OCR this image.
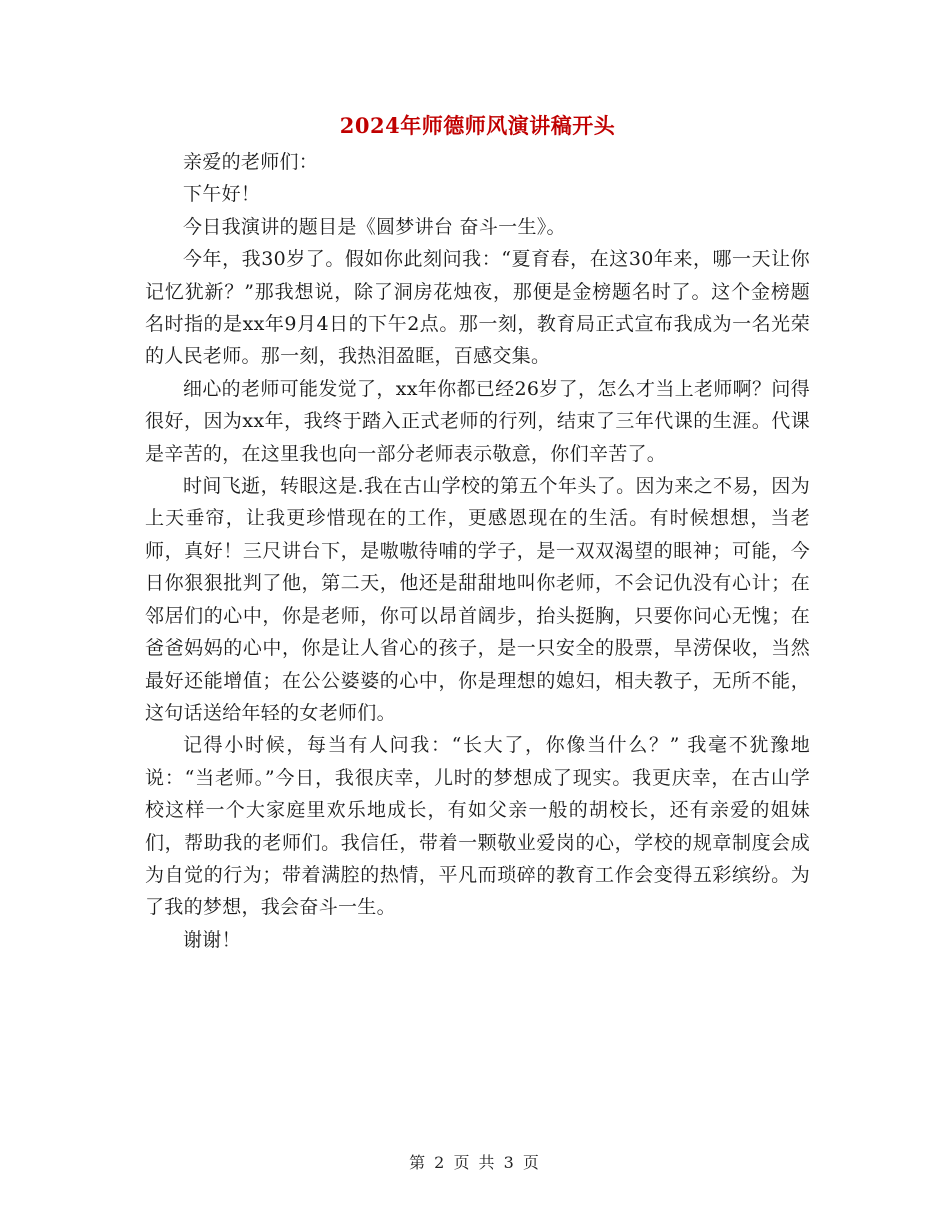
2024年师德师风演讲稿开头

亲爱的老师们：

下午好！

今日我演讲的题目是《圆梦讲台 奋斗一生》。

今年，我30岁了。假如你此刻问我：“夏育春，在这30年来，哪一天让你记忆犹新？”那我想说，除了洞房花烛夜，那便是金榜题名时了。这个金榜题名时指的是xx年9月4日的下午2点。那一刻，教育局正式宣布我成为一名光荣的人民老师。那一刻，我热泪盈眶，百感交集。

细心的老师可能发觉了，xx年你都已经26岁了，怎么才当上老师啊？问得很好，因为xx年，我终于踏入正式老师的行列，结束了三年代课的生涯。代课是辛苦的，在这里我也向一部分老师表示敬意，你们辛苦了。

时间飞逝，转眼这是.我在古山学校的第五个年头了。因为来之不易，因为上天垂帘，让我更珍惜现在的工作，更感恩现在的生活。有时候想想，当老师，真好！三尺讲台下，是嗷嗷待哺的学子，是一双双渴望的眼神；可能，今日你狠狠批判了他，第二天，他还是甜甜地叫你老师，不会记仇没有心计；在邻居们的心中，你是老师，你可以昂首阔步，抬头挺胸，只要你问心无愧；在爸爸妈妈的心中，你是让人省心的孩子，是一只安全的股票，旱涝保收，当然最好还能增值；在公公婆婆的心中，你是理想的媳妇，相夫教子，无所不能，这句话送给年轻的女老师们。

记得小时候，每当有人问我：“长大了，你像当什么？” 我毫不犹豫地说：“当老师。”今日，我很庆幸，儿时的梦想成了现实。我更庆幸，在古山学校这样一个大家庭里欢乐地成长，有如父亲一般的胡校长，还有亲爱的姐妹们，帮助我的老师们。我信任，带着一颗敬业爱岗的心，学校的规章制度会成为自觉的行为；带着满腔的热情，平凡而琐碎的教育工作会变得五彩缤纷。为了我的梦想，我会奋斗一生。

谢谢！

第 2 页 共 3 页
